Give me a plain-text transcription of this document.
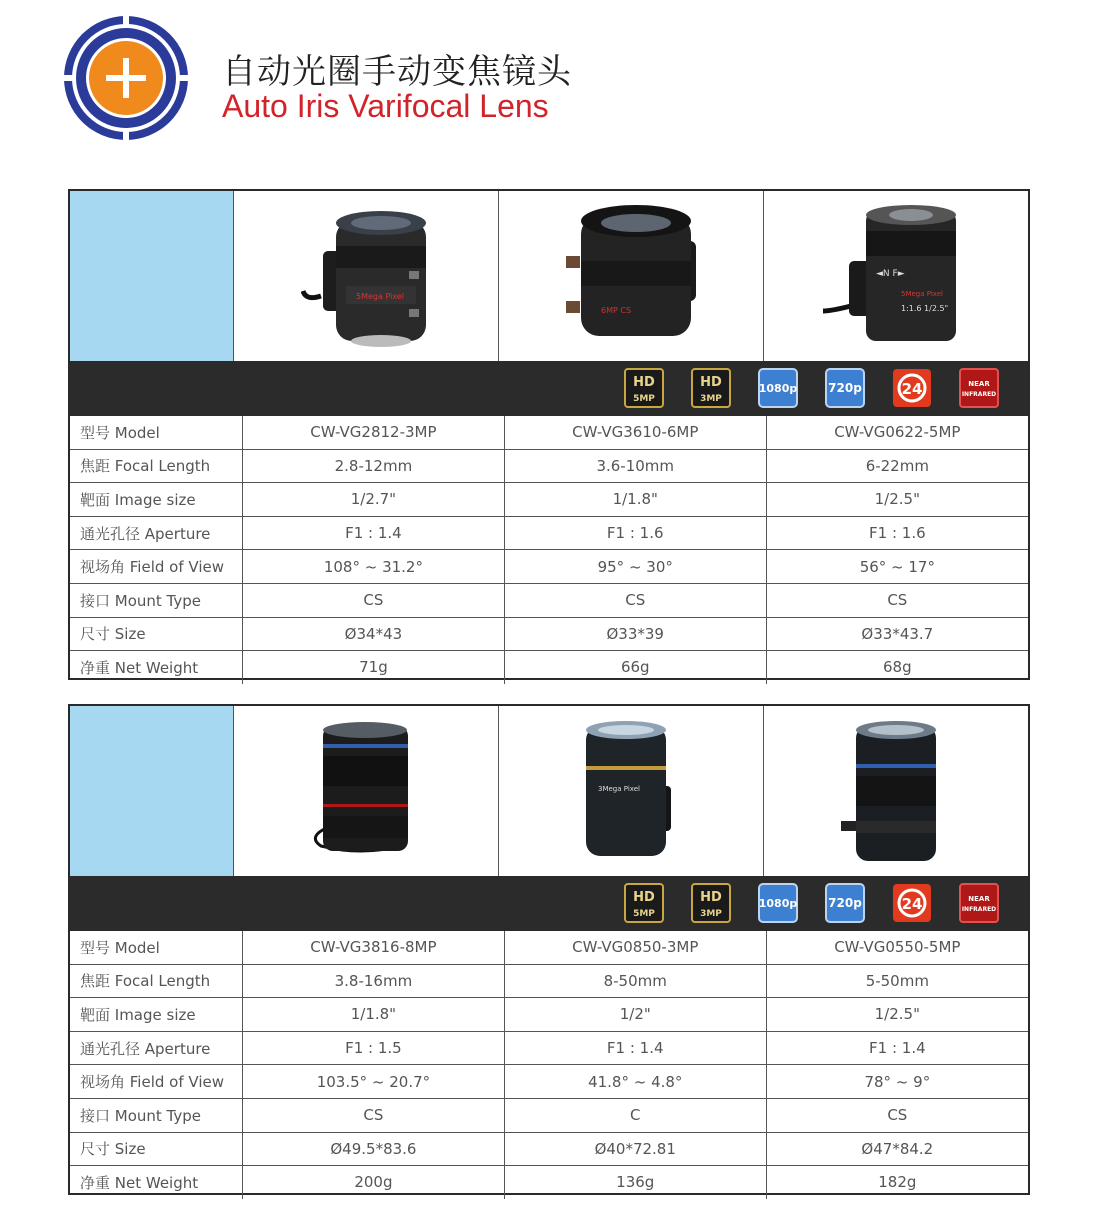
自动光圈手动变焦镜头
Auto Iris Varifocal Lens
5Mega Pixel
6MP CS
◄N F►
5Mega Pixel
1:1.6 1/2.5"
HD
5MP
HD
3MP
1080p	720p	24	NEAR
INFRARED
型号 Model	CW-VG2812-3MP	CW-VG3610-6MP	CW-VG0622-5MP
焦距 Focal Length	2.8-12mm	3.6-10mm	6-22mm
靶面 Image size	1/2.7"	1/1.8"	1/2.5"
通光孔径 Aperture	F1 : 1.4	F1 : 1.6	F1 : 1.6
视场角 Field of View	108° ~ 31.2°	95° ~ 30°	56° ~ 17°
接口 Mount Type	CS	CS	CS
尺寸 Size	Ø34*43	Ø33*39	Ø33*43.7
净重 Net Weight	71g	66g	68g
3Mega Pixel
HD
5MP
HD
3MP
1080p	720p	24	NEAR
INFRARED
型号 Model	CW-VG3816-8MP	CW-VG0850-3MP	CW-VG0550-5MP
焦距 Focal Length	3.8-16mm	8-50mm	5-50mm
靶面 Image size	1/1.8"	1/2"	1/2.5"
通光孔径 Aperture	F1 : 1.5	F1 : 1.4	F1 : 1.4
视场角 Field of View	103.5° ~ 20.7°	41.8° ~ 4.8°	78° ~ 9°
接口 Mount Type	CS	C	CS
尺寸 Size	Ø49.5*83.6	Ø40*72.81	Ø47*84.2
净重 Net Weight	200g	136g	182g
